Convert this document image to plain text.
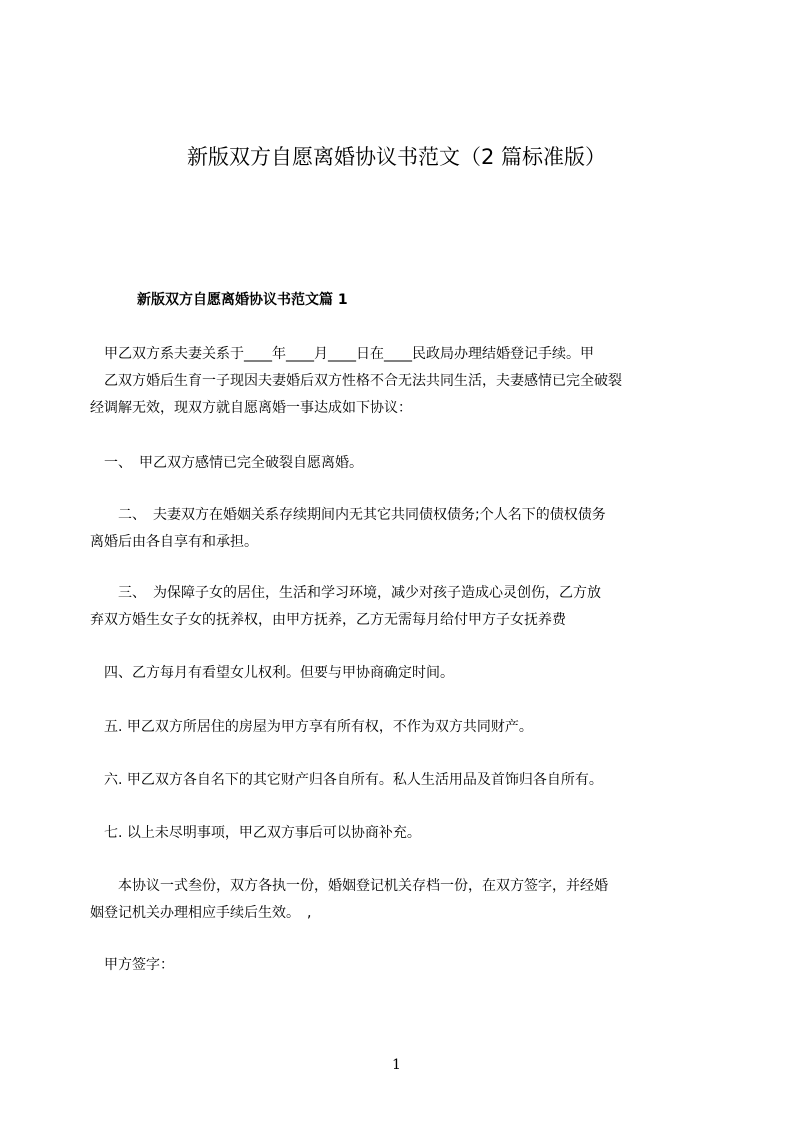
新版双方自愿离婚协议书范文（2 篇标准版）
新版双方自愿离婚协议书范文篇 1

　甲乙双方系夫妻关系于____年____月____日在____民政局办理结婚登记手续。甲
　乙双方婚后生育一子现因夫妻婚后双方性格不合无法共同生活，夫妻感情已完全破裂
经调解无效，现双方就自愿离婚一事达成如下协议：

　一、　甲乙双方感情已完全破裂自愿离婚。

　　二、　夫妻双方在婚姻关系存续期间内无其它共同债权债务;个人名下的债权债务
离婚后由各自享有和承担。

　　三、　为保障子女的居住，生活和学习环境，减少对孩子造成心灵创伤，乙方放
弃双方婚生女子女的抚养权，由甲方抚养，乙方无需每月给付甲方子女抚养费

　四、乙方每月有看望女儿权利。但要与甲协商确定时间。

　五. 甲乙双方所居住的房屋为甲方享有所有权，不作为双方共同财产。

　六. 甲乙双方各自名下的其它财产归各自所有。私人生活用品及首饰归各自所有。

　七. 以上未尽明事项，甲乙双方事后可以协商补充。

　　本协议一式叁份，双方各执一份，婚姻登记机关存档一份，在双方签字，并经婚
姻登记机关办理相应手续后生效。　,

　甲方签字：

1
